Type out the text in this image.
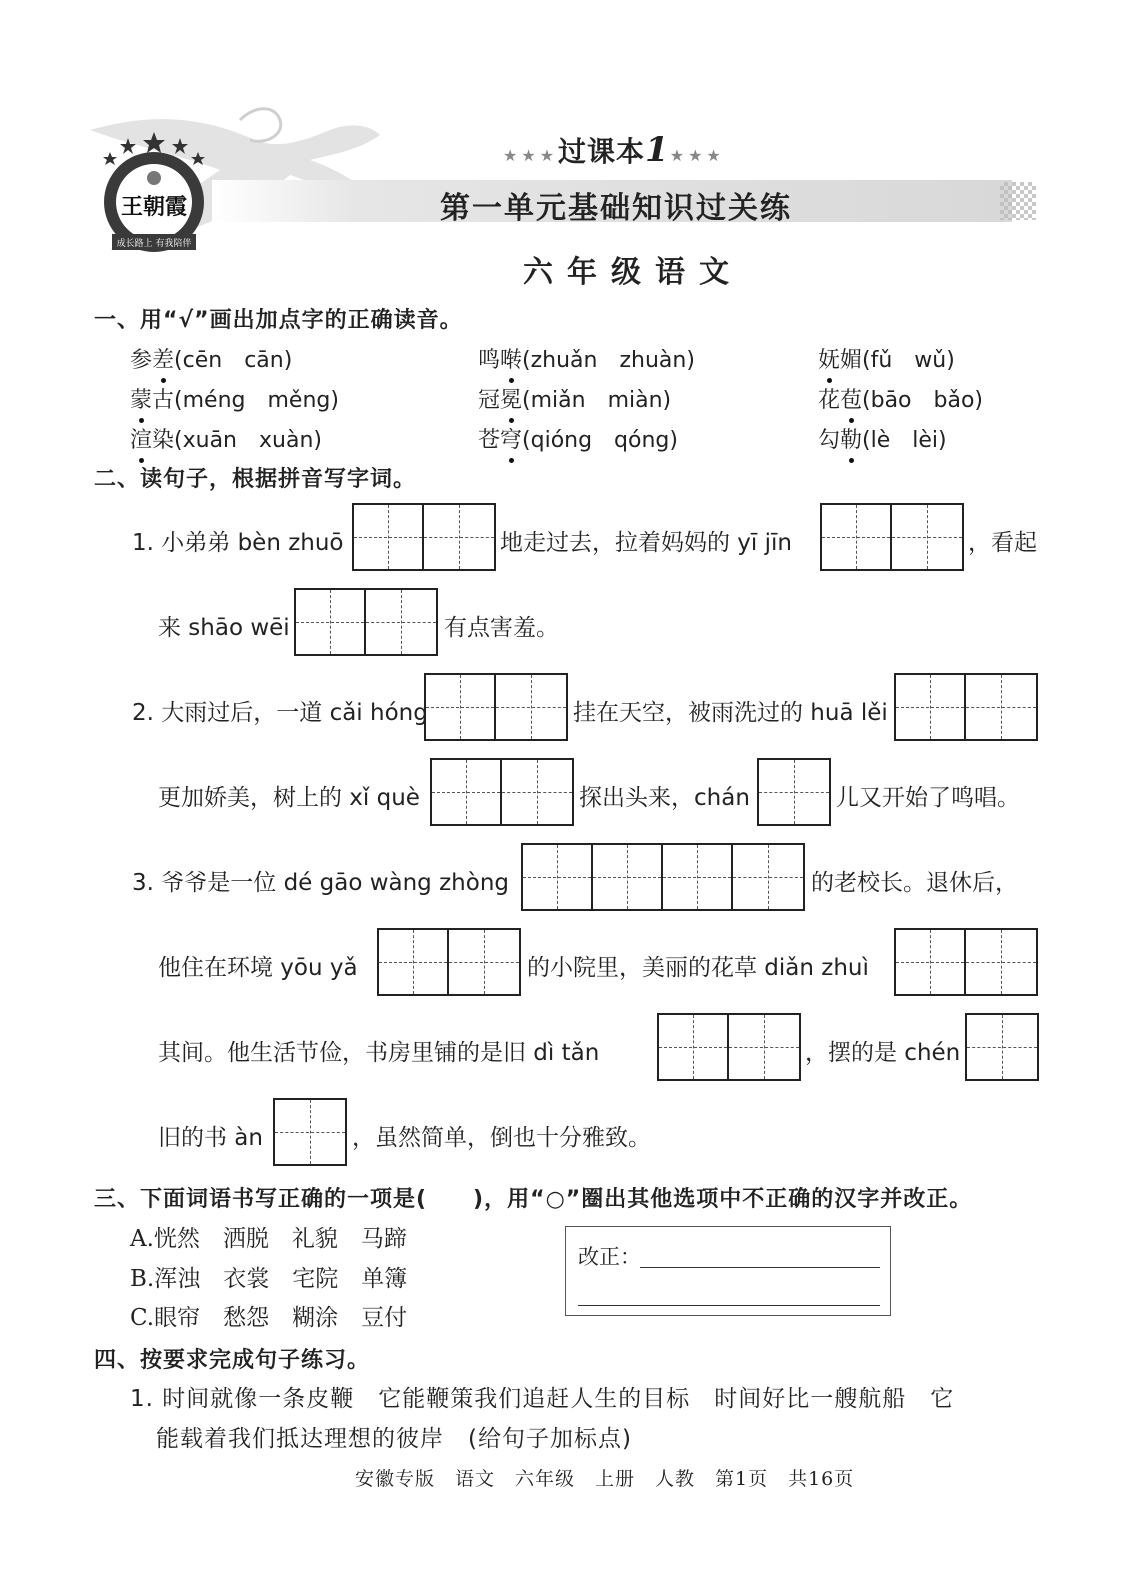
王朝霞
成长路上 有我陪伴
★★★过课本1★★★
第一单元基础知识过关练
六年级语文
一、用“√”画出加点字的正确读音。
参差(cēn　cān)	鸣啭(zhuǎn　zhuàn)	妩媚(fǔ　wǔ)
蒙古(méng　měng)	冠冕(miǎn　miàn)	花苞(bāo　bǎo)
渲染(xuān　xuàn)	苍穹(qióng　qóng)	勾勒(lè　lèi)
二、读句子，根据拼音写字词。
1. 小弟弟 bèn zhuō	地走过去，拉着妈妈的 yī jīn	，看起
来 shāo wēi	有点害羞。
2. 大雨过后，一道 cǎi hóng	挂在天空，被雨洗过的 huā lěi
更加娇美，树上的 xǐ què	探出头来，chán	儿又开始了鸣唱。
3. 爷爷是一位 dé gāo wàng zhòng	的老校长。退休后，
他住在环境 yōu yǎ	的小院里，美丽的花草 diǎn zhuì
其间。他生活节俭，书房里铺的是旧 dì tǎn	，摆的是 chén
旧的书 àn	，虽然简单，倒也十分雅致。
三、下面词语书写正确的一项是(　　)，用“○”圈出其他选项中不正确的汉字并改正。
A.恍然  洒脱  礼貌  马蹄
B.浑浊  衣裳  宅院  单簿
C.眼帘  愁怨  糊涂  豆付
改正：
四、按要求完成句子练习。
1. 时间就像一条皮鞭　它能鞭策我们追赶人生的目标　时间好比一艘航船　它
能载着我们抵达理想的彼岸　(给句子加标点)
安徽专版　语文　六年级　上册　人教　第1页　共16页
